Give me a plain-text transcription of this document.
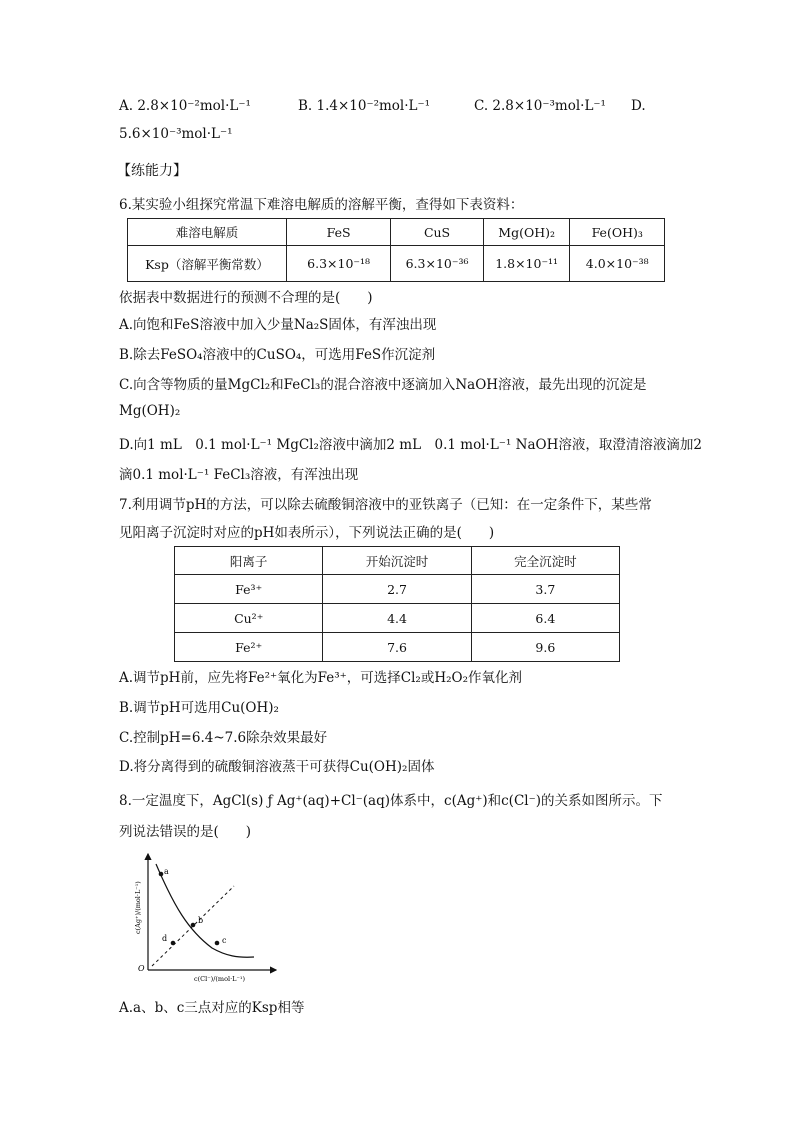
A. 2.8×10⁻²mol·L⁻¹	B. 1.4×10⁻²mol·L⁻¹	C. 2.8×10⁻³mol·L⁻¹ D.
5.6×10⁻³mol·L⁻¹
【练能力】
6.某实验小组探究常温下难溶电解质的溶解平衡，查得如下表资料：
难溶电解质	FeS	CuS	Mg(OH)₂	Fe(OH)₃
Ksp（溶解平衡常数）	6.3×10⁻¹⁸	6.3×10⁻³⁶	1.8×10⁻¹¹	4.0×10⁻³⁸
依据表中数据进行的预测不合理的是(　　)
A.向饱和FeS溶液中加入少量Na₂S固体，有浑浊出现
B.除去FeSO₄溶液中的CuSO₄，可选用FeS作沉淀剂
C.向含等物质的量MgCl₂和FeCl₃的混合溶液中逐滴加入NaOH溶液，最先出现的沉淀是
Mg(OH)₂
D.向1 mL　0.1 mol·L⁻¹ MgCl₂溶液中滴加2 mL　0.1 mol·L⁻¹ NaOH溶液，取澄清溶液滴加2
滴0.1 mol·L⁻¹ FeCl₃溶液，有浑浊出现
7.利用调节pH的方法，可以除去硫酸铜溶液中的亚铁离子（已知：在一定条件下，某些常
见阳离子沉淀时对应的pH如表所示），下列说法正确的是(　　)
阳离子	开始沉淀时	完全沉淀时
Fe³⁺	2.7	3.7
Cu²⁺	4.4	6.4
Fe²⁺	7.6	9.6
A.调节pH前，应先将Fe²⁺氧化为Fe³⁺，可选择Cl₂或H₂O₂作氧化剂
B.调节pH可选用Cu(OH)₂
C.控制pH=6.4~7.6除杂效果最好
D.将分离得到的硫酸铜溶液蒸干可获得Cu(OH)₂固体
8.一定温度下，AgCl(s) ƒ Ag⁺(aq)+Cl⁻(aq)体系中，c(Ag⁺)和c(Cl⁻)的关系如图所示。下
列说法错误的是(　　)
a
b
c
d
O
c(Cl⁻)/(mol·L⁻¹)
c(Ag⁺)/(mol·L⁻¹)
A.a、b、c三点对应的Ksp相等
